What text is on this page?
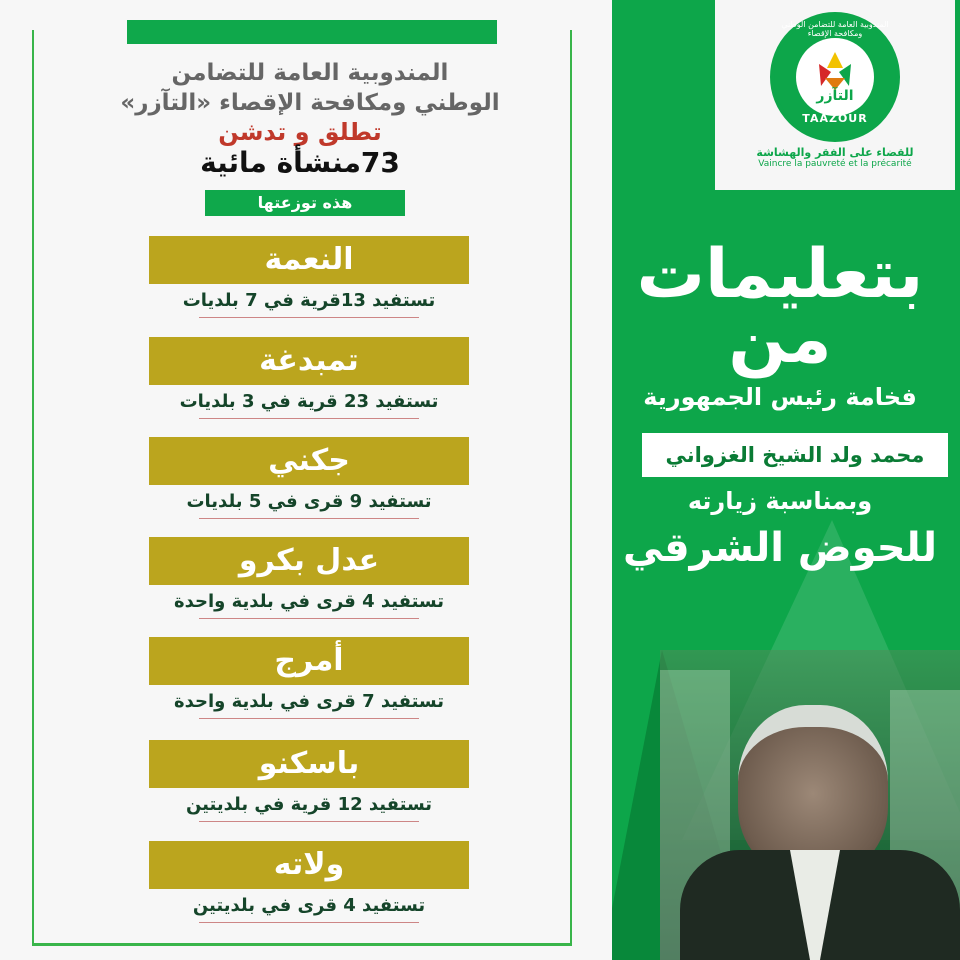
المندوبية العامة للتضامن
الوطني ومكافحة الإقصاء «التآزر»
تطلق و تدشن
73منشأة مائية
هذه توزعتها
النعمة
تستفيد 13قرية في 7 بلديات
تمبدغة
تستفيد 23 قرية في 3 بلديات
جكني
تستفيد 9 قرى في 5 بلديات
عدل بكرو
تستفيد 4 قرى في بلدية واحدة
أمرج
تستفيد 7 قرى في بلدية واحدة
باسكنو
تستفيد 12 قرية في بلديتين
ولاته
تستفيد 4 قرى في بلديتين
المندوبية العامة للتضامن الوطني ومكافحة الإقصاء
التآزر
TAAZOUR
للقضاء على الفقر والهشاشة
Vaincre la pauvreté et la précarité
بتعليمات
من
فخامة رئيس الجمهورية
محمد ولد الشيخ الغزواني
وبمناسبة زيارته
للحوض الشرقي
